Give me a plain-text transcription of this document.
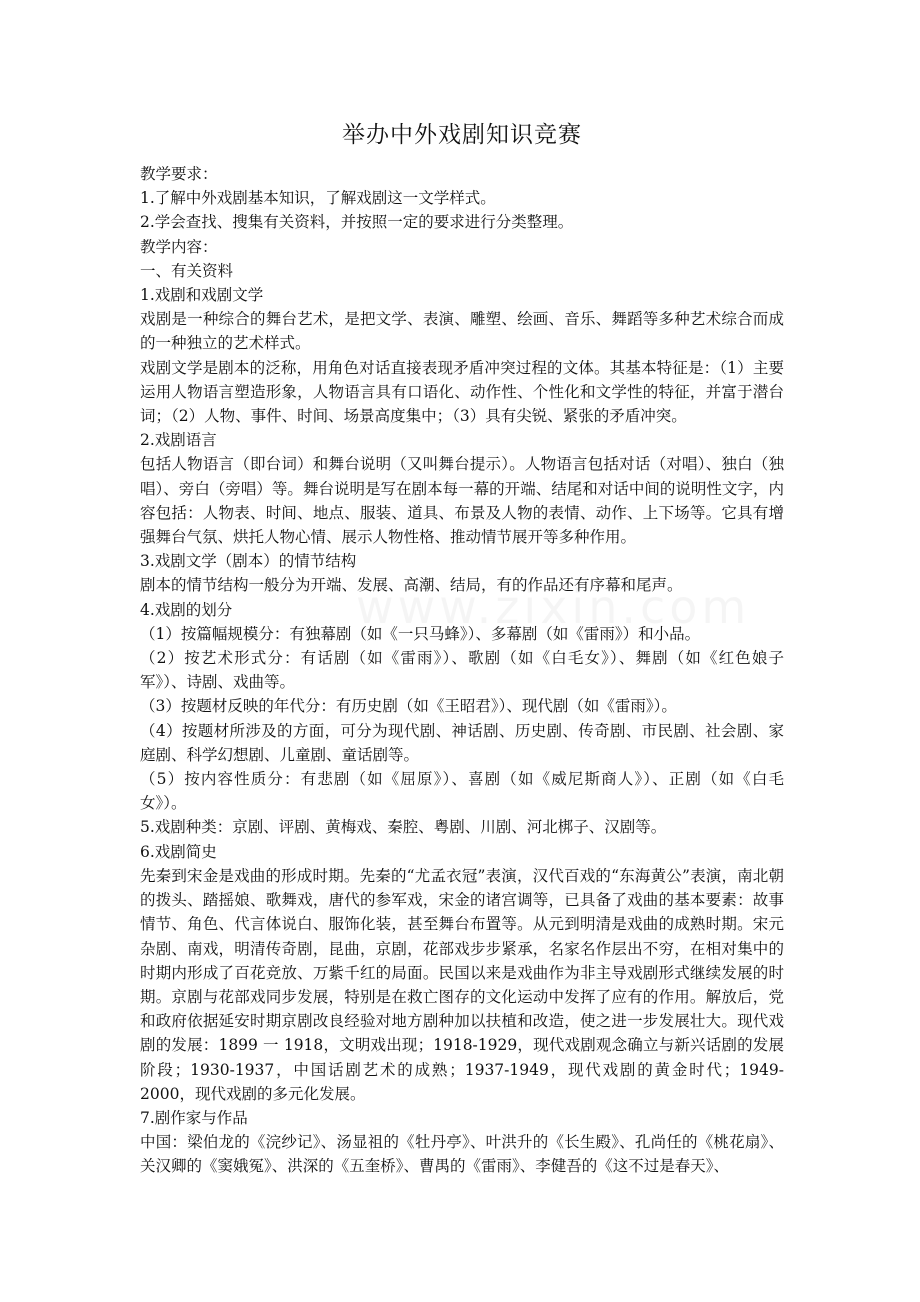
举办中外戏剧知识竞赛

教学要求：

1.了解中外戏剧基本知识，了解戏剧这一文学样式。

2.学会查找、搜集有关资料，并按照一定的要求进行分类整理。

教学内容：

一、有关资料

1.戏剧和戏剧文学

戏剧是一种综合的舞台艺术，是把文学、表演、雕塑、绘画、音乐、舞蹈等多种艺术综合而成的一种独立的艺术样式。

戏剧文学是剧本的泛称，用角色对话直接表现矛盾冲突过程的文体。其基本特征是：（1）主要运用人物语言塑造形象，人物语言具有口语化、动作性、个性化和文学性的特征，并富于潜台词；（2）人物、事件、时间、场景高度集中；（3）具有尖锐、紧张的矛盾冲突。

2.戏剧语言

包括人物语言（即台词）和舞台说明（又叫舞台提示）。人物语言包括对话（对唱）、独白（独唱）、旁白（旁唱）等。舞台说明是写在剧本每一幕的开端、结尾和对话中间的说明性文字，内容包括：人物表、时间、地点、服装、道具、布景及人物的表情、动作、上下场等。它具有增强舞台气氛、烘托人物心情、展示人物性格、推动情节展开等多种作用。

3.戏剧文学（剧本）的情节结构

剧本的情节结构一般分为开端、发展、高潮、结局，有的作品还有序幕和尾声。

4.戏剧的划分

（1）按篇幅规模分：有独幕剧（如《一只马蜂》）、多幕剧（如《雷雨》）和小品。

（2）按艺术形式分：有话剧（如《雷雨》）、歌剧（如《白毛女》）、舞剧（如《红色娘子军》）、诗剧、戏曲等。

（3）按题材反映的年代分：有历史剧（如《王昭君》）、现代剧（如《雷雨》）。

（4）按题材所涉及的方面，可分为现代剧、神话剧、历史剧、传奇剧、市民剧、社会剧、家庭剧、科学幻想剧、儿童剧、童话剧等。

（5）按内容性质分：有悲剧（如《屈原》）、喜剧（如《威尼斯商人》）、正剧（如《白毛女》）。

5.戏剧种类：京剧、评剧、黄梅戏、秦腔、粤剧、川剧、河北梆子、汉剧等。

6.戏剧简史

先秦到宋金是戏曲的形成时期。先秦的“尤孟衣冠”表演，汉代百戏的“东海黄公”表演，南北朝的拨头、踏摇娘、歌舞戏，唐代的参军戏，宋金的诸宫调等，已具备了戏曲的基本要素：故事情节、角色、代言体说白、服饰化装，甚至舞台布置等。从元到明清是戏曲的成熟时期。宋元杂剧、南戏，明清传奇剧，昆曲，京剧，花部戏步步紧承，名家名作层出不穷，在相对集中的时期内形成了百花竞放、万紫千红的局面。民国以来是戏曲作为非主导戏剧形式继续发展的时期。京剧与花部戏同步发展，特别是在救亡图存的文化运动中发挥了应有的作用。解放后，党和政府依据延安时期京剧改良经验对地方剧种加以扶植和改造，使之进一步发展壮大。现代戏剧的发展：1899 一 1918，文明戏出现；1918-1929，现代戏剧观念确立与新兴话剧的发展阶段；1930-1937，中国话剧艺术的成熟；1937-1949，现代戏剧的黄金时代；1949-2000，现代戏剧的多元化发展。

7.剧作家与作品

中国：梁伯龙的《浣纱记》、汤显祖的《牡丹亭》、叶洪升的《长生殿》、孔尚任的《桃花扇》、关汉卿的《窦娥冤》、洪深的《五奎桥》、曹禺的《雷雨》、李健吾的《这不过是春天》、
